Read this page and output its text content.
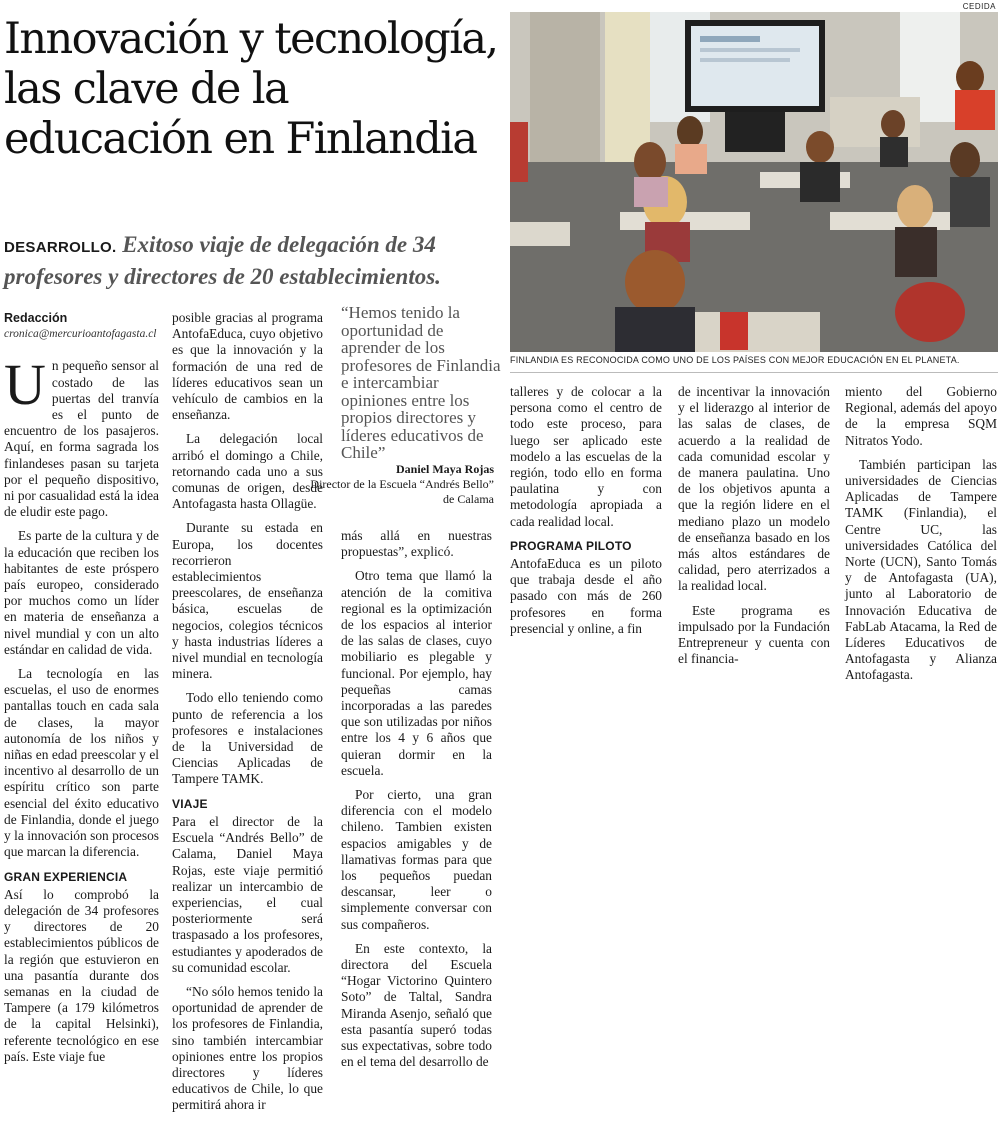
Innovación y tecnología, las clave de la educación en Finlandia

DESARROLLO. Exitoso viaje de delegación de 34 profesores y directores de 20 establecimientos.

Redacción
cronica@mercurioantofagasta.cl

Un pequeño sensor al costado de las puertas del tranvía es el punto de encuentro de los pasajeros. Aquí, en forma sagrada los finlandeses pasan su tarjeta por el pequeño dispositivo, ni por casualidad está la idea de eludir este pago.

Es parte de la cultura y de la educación que reciben los habitantes de este próspero país europeo, considerado por muchos como un líder en materia de enseñanza a nivel mundial y con un alto estándar en calidad de vida.

La tecnología en las escuelas, el uso de enormes pantallas touch en cada sala de clases, la mayor autonomía de los niños y niñas en edad preescolar y el incentivo al desarrollo de un espíritu crítico son parte esencial del éxito educativo de Finlandia, donde el juego y la innovación son procesos que marcan la diferencia.

GRAN EXPERIENCIA

Así lo comprobó la delegación de 34 profesores y directores de 20 establecimientos públicos de la región que estuvieron en una pasantía durante dos semanas en la ciudad de Tampere (a 179 kilómetros de la capital Helsinki), referente tecnológico en ese país. Este viaje fue

posible gracias al programa AntofaEduca, cuyo objetivo es que la innovación y la formación de una red de líderes educativos sean un vehículo de cambios en la enseñanza.

La delegación local arribó el domingo a Chile, retornando cada uno a sus comunas de origen, desde Antofagasta hasta Ollagüe.

Durante su estada en Europa, los docentes recorrieron establecimientos preescolares, de enseñanza básica, escuelas de negocios, colegios técnicos y hasta industrias líderes a nivel mundial en tecnología minera.

Todo ello teniendo como punto de referencia a los profesores e instalaciones de la Universidad de Ciencias Aplicadas de Tampere TAMK.

VIAJE

Para el director de la Escuela “Andrés Bello” de Calama, Daniel Maya Rojas, este viaje permitió realizar un intercambio de experiencias, el cual posteriormente será traspasado a los profesores, estudiantes y apoderados de su comunidad escolar.

“No sólo hemos tenido la oportunidad de aprender de los profesores de Finlandia, sino también intercambiar opiniones entre los propios directores y líderes educativos de Chile, lo que permitirá ahora ir

“Hemos tenido la oportunidad de aprender de los profesores de Finlandia e intercambiar opiniones entre los propios directores y líderes educativos de Chile”

Daniel Maya Rojas
Director de la Escuela “Andrés Bello” de Calama

más allá en nuestras propuestas”, explicó.

Otro tema que llamó la atención de la comitiva regional es la optimización de los espacios al interior de las salas de clases, cuyo mobiliario es plegable y funcional. Por ejemplo, hay pequeñas camas incorporadas a las paredes que son utilizadas por niños entre los 4 y 6 años que quieran dormir en la escuela.

Por cierto, una gran diferencia con el modelo chileno. Tambien existen espacios amigables y de llamativas formas para que los pequeños puedan descansar, leer o simplemente conversar con sus compañeros.

En este contexto, la directora del Escuela “Hogar Victorino Quintero Soto” de Taltal, Sandra Miranda Asenjo, señaló que esta pasantía superó todas sus expectativas, sobre todo en el tema del desarrollo de

CEDIDA
FINLANDIA ES RECONOCIDA COMO UNO DE LOS PAÍSES CON MEJOR EDUCACIÓN EN EL PLANETA.

talleres y de colocar a la persona como el centro de todo este proceso, para luego ser aplicado este modelo a las escuelas de la región, todo ello en forma paulatina y con metodología apropiada a cada realidad local.

PROGRAMA PILOTO

AntofaEduca es un piloto que trabaja desde el año pasado con más de 260 profesores en forma presencial y online, a fin

de incentivar la innovación y el liderazgo al interior de las salas de clases, de acuerdo a la realidad de cada comunidad escolar y de manera paulatina. Uno de los objetivos apunta a que la región lidere en el mediano plazo un modelo de enseñanza basado en los más altos estándares de calidad, pero aterrizados a la realidad local.

Este programa es impulsado por la Fundación Entrepreneur y cuenta con el financia-

miento del Gobierno Regional, además del apoyo de la empresa SQM Nitratos Yodo.

También participan las universidades de Ciencias Aplicadas de Tampere TAMK (Finlandia), el Centre UC, las universidades Católica del Norte (UCN), Santo Tomás y de Antofagasta (UA), junto al Laboratorio de Innovación Educativa de FabLab Atacama, la Red de Líderes Educativos de Antofagasta y Alianza Antofagasta.
